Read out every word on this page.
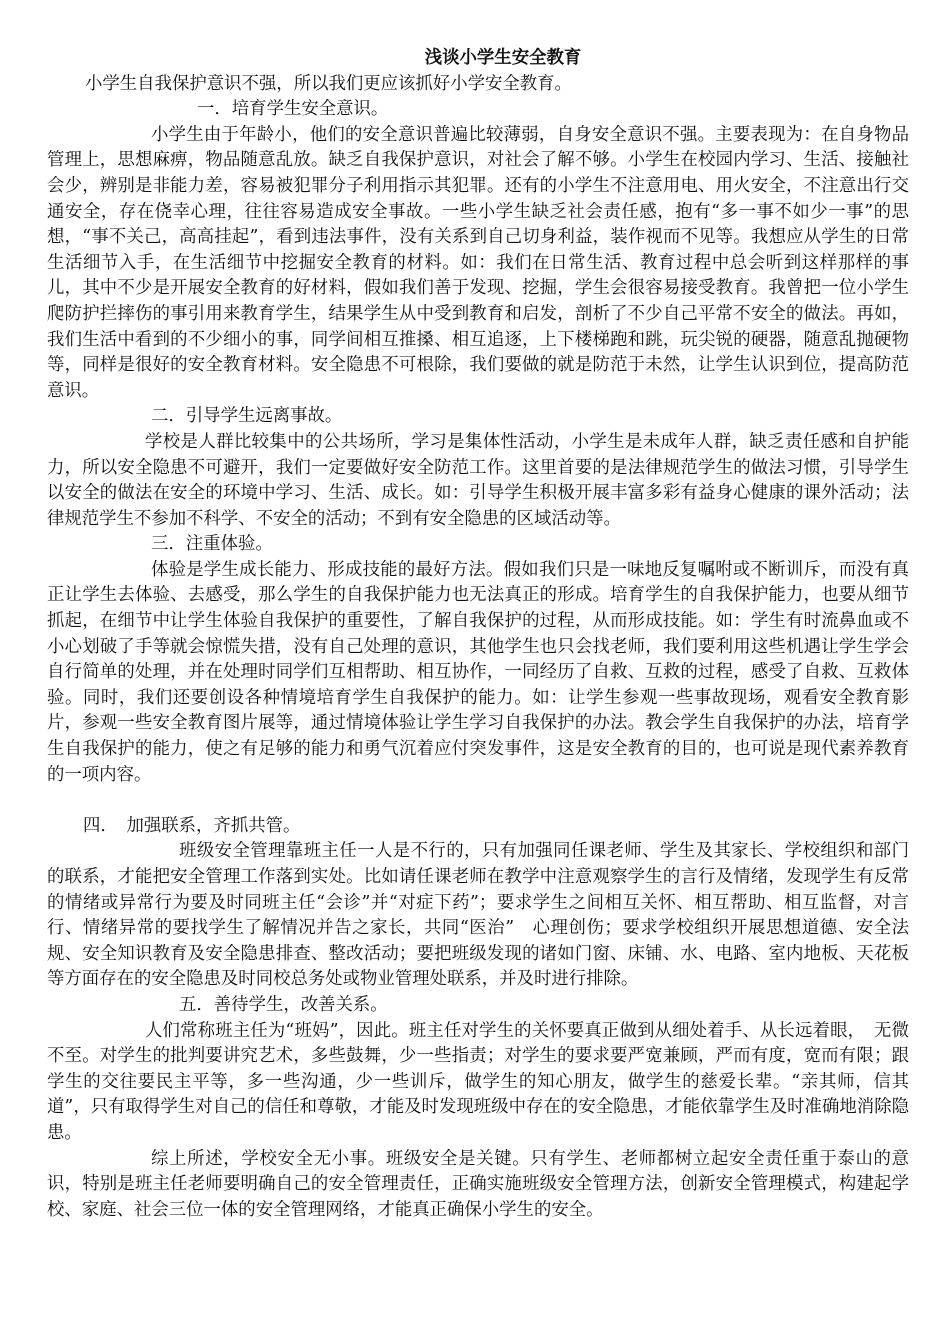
浅谈小学生安全教育

小学生自我保护意识不强，所以我们更应该抓好小学安全教育。

一．培育学生安全意识。

小学生由于年龄小，他们的安全意识普遍比较薄弱，自身安全意识不强。主要表现为：在自身物品管理上，思想麻痹，物品随意乱放。缺乏自我保护意识，对社会了解不够。小学生在校园内学习、生活、接触社会少，辨别是非能力差，容易被犯罪分子利用指示其犯罪。还有的小学生不注意用电、用火安全，不注意出行交通安全，存在侥幸心理，往往容易造成安全事故。一些小学生缺乏社会责任感，抱有“多一事不如少一事”的思想，“事不关己，高高挂起”，看到违法事件，没有关系到自己切身利益，装作视而不见等。我想应从学生的日常生活细节入手，在生活细节中挖掘安全教育的材料。如：我们在日常生活、教育过程中总会听到这样那样的事儿，其中不少是开展安全教育的好材料，假如我们善于发现、挖掘，学生会很容易接受教育。我曾把一位小学生爬防护拦摔伤的事引用来教育学生，结果学生从中受到教育和启发，剖析了不少自己平常不安全的做法。再如，我们生活中看到的不少细小的事，同学间相互推搡、相互追逐，上下楼梯跑和跳，玩尖锐的硬器，随意乱抛硬物等，同样是很好的安全教育材料。安全隐患不可根除，我们要做的就是防范于未然，让学生认识到位，提高防范意识。

二．引导学生远离事故。

学校是人群比较集中的公共场所，学习是集体性活动，小学生是未成年人群，缺乏责任感和自护能力，所以安全隐患不可避开，我们一定要做好安全防范工作。这里首要的是法律规范学生的做法习惯，引导学生以安全的做法在安全的环境中学习、生活、成长。如：引导学生积极开展丰富多彩有益身心健康的课外活动；法律规范学生不参加不科学、不安全的活动；不到有安全隐患的区域活动等。

三．注重体验。

体验是学生成长能力、形成技能的最好方法。假如我们只是一味地反复嘱咐或不断训斥，而没有真正让学生去体验、去感受，那么学生的自我保护能力也无法真正的形成。培育学生的自我保护能力，也要从细节抓起，在细节中让学生体验自我保护的重要性，了解自我保护的过程，从而形成技能。如：学生有时流鼻血或不小心划破了手等就会惊慌失措，没有自己处理的意识，其他学生也只会找老师，我们要利用这些机遇让学生学会自行简单的处理，并在处理时同学们互相帮助、相互协作，一同经历了自救、互救的过程，感受了自救、互救体验。同时，我们还要创设各种情境培育学生自我保护的能力。如：让学生参观一些事故现场，观看安全教育影片，参观一些安全教育图片展等，通过情境体验让学生学习自我保护的办法。教会学生自我保护的办法，培育学生自我保护的能力，使之有足够的能力和勇气沉着应付突发事件，这是安全教育的目的，也可说是现代素养教育的一项内容。

四．　加强联系，齐抓共管。

班级安全管理靠班主任一人是不行的，只有加强同任课老师、学生及其家长、学校组织和部门的联系，才能把安全管理工作落到实处。比如请任课老师在教学中注意观察学生的言行及情绪，发现学生有反常的情绪或异常行为要及时同班主任“会诊”并“对症下药”；要求学生之间相互关怀、相互帮助、相互监督，对言行、情绪异常的要找学生了解情况并告之家长，共同“医治”　心理创伤；要求学校组织开展思想道德、安全法规、安全知识教育及安全隐患排查、整改活动；要把班级发现的诸如门窗、床铺、水、电路、室内地板、天花板等方面存在的安全隐患及时同校总务处或物业管理处联系，并及时进行排除。

五．善待学生，改善关系。

人们常称班主任为“班妈”，因此。班主任对学生的关怀要真正做到从细处着手、从长远着眼，　无微不至。对学生的批判要讲究艺术，多些鼓舞，少一些指责；对学生的要求要严宽兼顾，严而有度，宽而有限；跟学生的交往要民主平等，多一些沟通，少一些训斥，做学生的知心朋友，做学生的慈爱长辈。“亲其师，信其道”，只有取得学生对自己的信任和尊敬，才能及时发现班级中存在的安全隐患，才能依靠学生及时准确地消除隐患。

综上所述，学校安全无小事。班级安全是关键。只有学生、老师都树立起安全责任重于泰山的意识，特别是班主任老师要明确自己的安全管理责任，正确实施班级安全管理方法，创新安全管理模式，构建起学校、家庭、社会三位一体的安全管理网络，才能真正确保小学生的安全。
